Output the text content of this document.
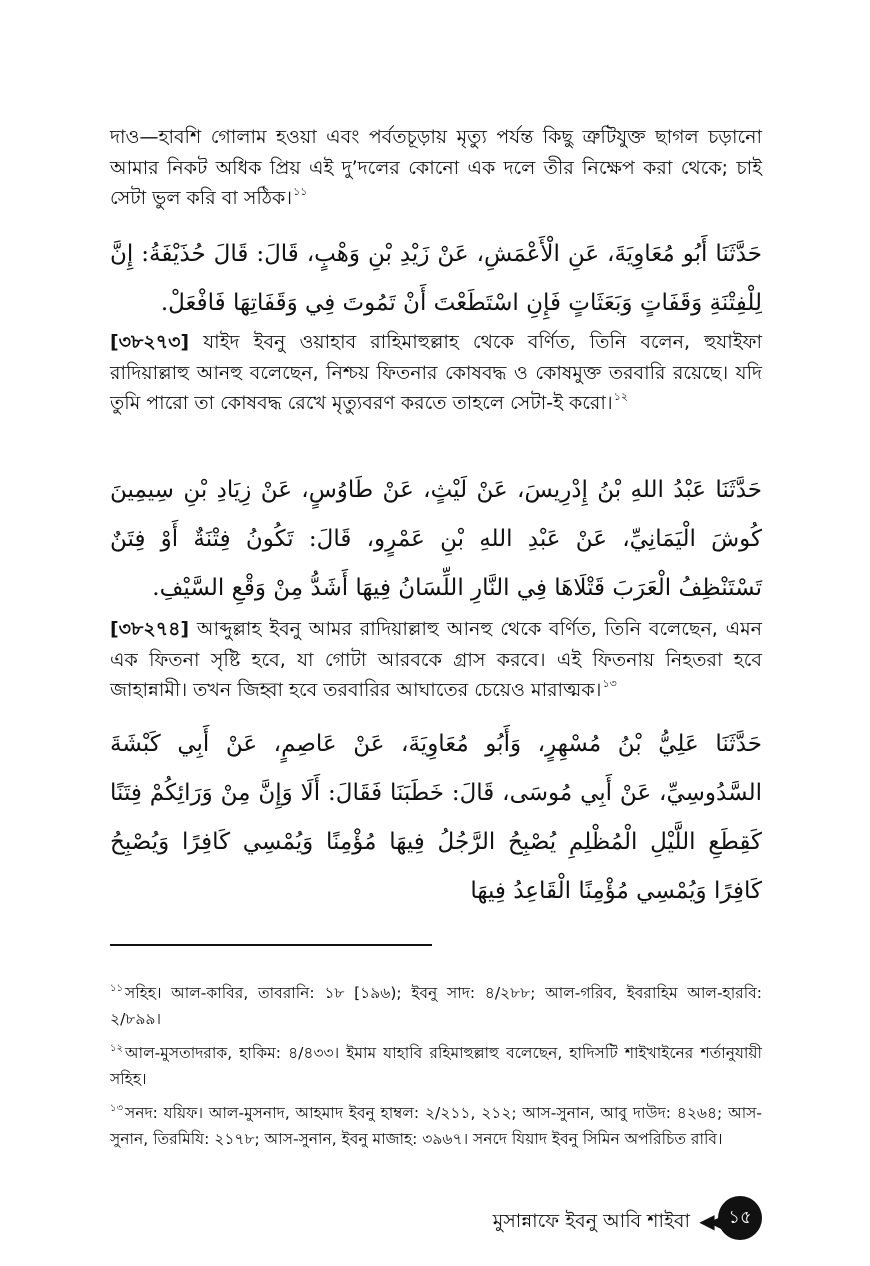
দাও—হাবশি গোলাম হওয়া এবং পর্বতচূড়ায় মৃত্যু পর্যন্ত কিছু ত্রুটিযুক্ত ছাগল চড়ানো আমার নিকট অধিক প্রিয় এই দু’দলের কোনো এক দলে তীর নিক্ষেপ করা থেকে; চাই সেটা ভুল করি বা সঠিক।$^{১১}$

حَدَّثَنَا أَبُو مُعَاوِيَةَ، عَنِ الْأَعْمَشِ، عَنْ زَيْدِ بْنِ وَهْبٍ، قَالَ: قَالَ حُذَيْفَةُ: إِنَّ لِلْفِتْنَةِ وَقَفَاتٍ وَبَعَثَاتٍ فَإِنِ اسْتَطَعْتَ أَنْ تَمُوتَ فِي وَقَفَاتِهَا فَافْعَلْ.

[৩৮২৭৩] যাইদ ইবনু ওয়াহাব রাহিমাহুল্লাহ থেকে বর্ণিত, তিনি বলেন, হুযাইফা রাদিয়াল্লাহু আনহু বলেছেন, নিশ্চয় ফিতনার কোষবদ্ধ ও কোষমুক্ত তরবারি রয়েছে। যদি তুমি পারো তা কোষবদ্ধ রেখে মৃত্যুবরণ করতে তাহলে সেটা-ই করো।$^{১২}$

حَدَّثَنَا عَبْدُ اللهِ بْنُ إِدْرِيسَ، عَنْ لَيْثٍ، عَنْ طَاوُسٍ، عَنْ زِيَادِ بْنِ سِيمِينَ كُوشَ الْيَمَانِيِّ، عَنْ عَبْدِ اللهِ بْنِ عَمْرٍو، قَالَ: تَكُونُ فِتْنَةٌ أَوْ فِتَنٌ تَسْتَنْظِفُ الْعَرَبَ قَتْلَاهَا فِي النَّارِ اللِّسَانُ فِيهَا أَشَدُّ مِنْ وَقْعِ السَّيْفِ.

[৩৮২৭৪] আব্দুল্লাহ ইবনু আমর রাদিয়াল্লাহু আনহু থেকে বর্ণিত, তিনি বলেছেন, এমন এক ফিতনা সৃষ্টি হবে, যা গোটা আরবকে গ্রাস করবে। এই ফিতনায় নিহতরা হবে জাহান্নামী। তখন জিহ্বা হবে তরবারির আঘাতের চেয়েও মারাত্মক।$^{১৩}$

حَدَّثَنَا عَلِيُّ بْنُ مُسْهِرٍ، وَأَبُو مُعَاوِيَةَ، عَنْ عَاصِمٍ، عَنْ أَبِي كَبْشَةَ السَّدُوسِيِّ، عَنْ أَبِي مُوسَى، قَالَ: خَطَبَنَا فَقَالَ: أَلَا وَإِنَّ مِنْ وَرَائِكُمْ فِتَنًا كَقِطَعِ اللَّيْلِ الْمُظْلِمِ يُصْبِحُ الرَّجُلُ فِيهَا مُؤْمِنًا وَيُمْسِي كَافِرًا وَيُصْبِحُ كَافِرًا وَيُمْسِي مُؤْمِنًا الْقَاعِدُ فِيهَا

$^{১১}$ সহিহ। আল-কাবির, তাবরানি: ১৮ [১৯৬); ইবনু সাদ: ৪/২৮৮; আল-গরিব, ইবরাহিম আল-হারবি: ২/৮৯৯।

$^{১২}$ আল-মুসতাদরাক, হাকিম: ৪/৪৩৩। ইমাম যাহাবি রহিমাহুল্লাহু বলেছেন, হাদিসটি শাইখাইনের শর্তানুযায়ী সহিহ।

$^{১৩}$ সনদ: যয়িফ। আল-মুসনাদ, আহমাদ ইবনু হাম্বল: ২/২১১, ২১২; আস-সুনান, আবু দাউদ: ৪২৬৪; আস-সুনান, তিরমিযি: ২১৭৮; আস-সুনান, ইবনু মাজাহ: ৩৯৬৭। সনদে যিয়াদ ইবনু সিমিন অপরিচিত রাবি।

মুসান্নাফে ইবনু আবি শাইবা ◀◀ ১৫
